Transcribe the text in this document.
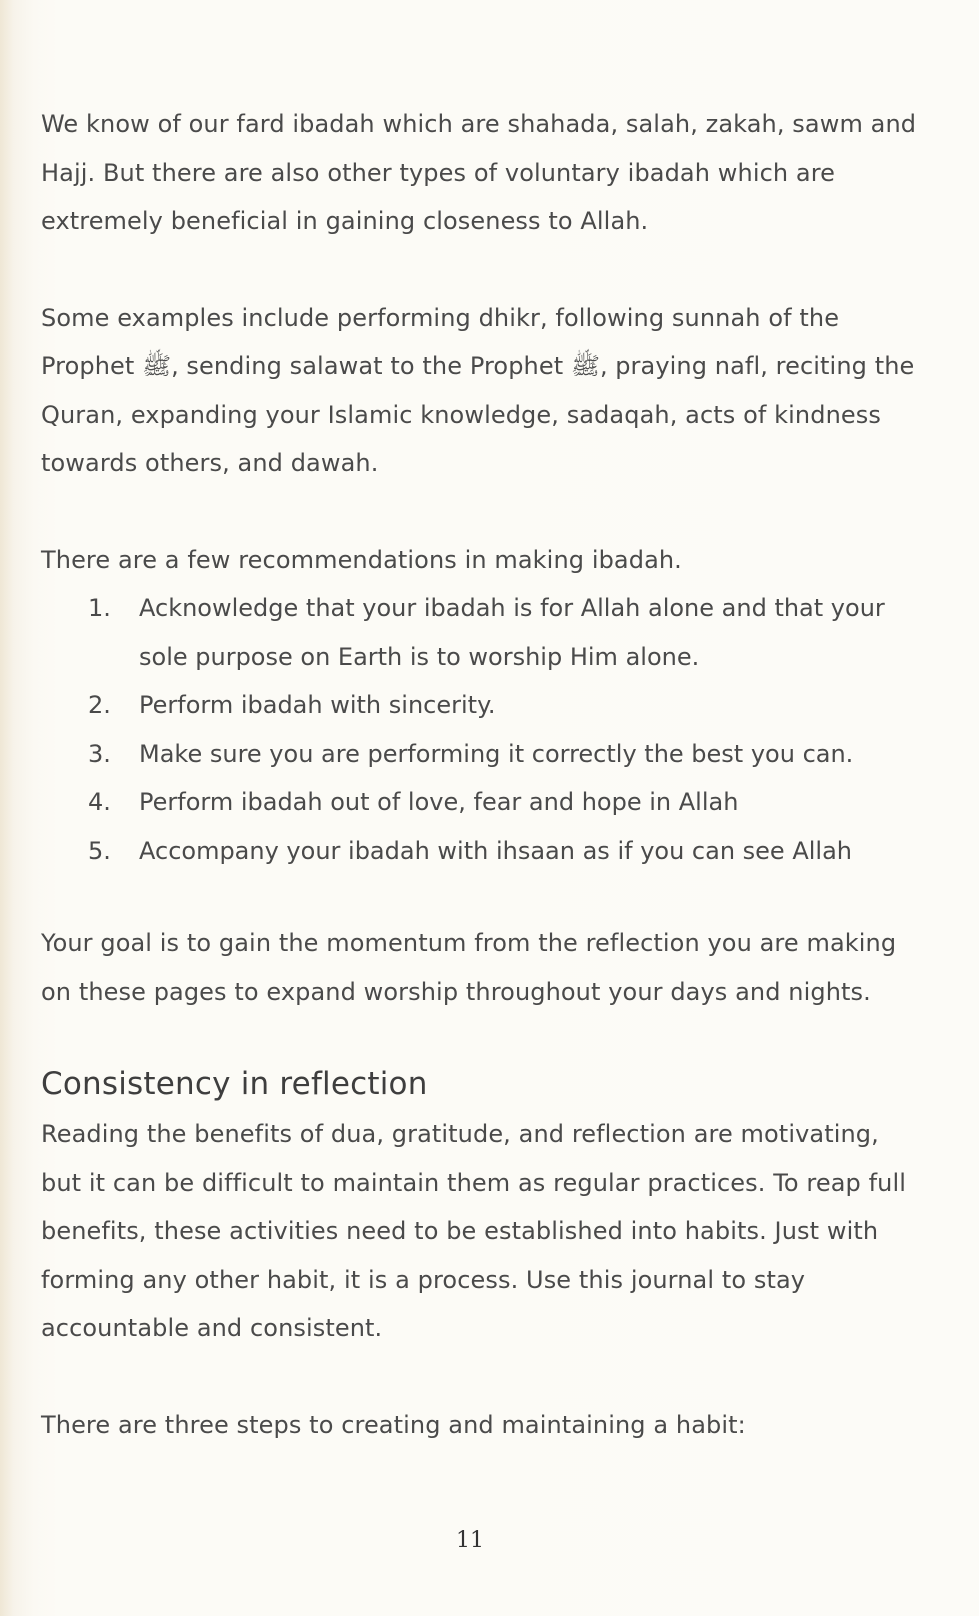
We know of our fard ibadah which are shahada, salah, zakah, sawm and Hajj. But there are also other types of voluntary ibadah which are extremely beneficial in gaining closeness to Allah.

Some examples include performing dhikr, following sunnah of the Prophet ﷺ, sending salawat to the Prophet ﷺ, praying nafl, reciting the Quran, expanding your Islamic knowledge, sadaqah, acts of kindness towards others, and dawah.

There are a few recommendations in making ibadah.

1. Acknowledge that your ibadah is for Allah alone and that your sole purpose on Earth is to worship Him alone.
2. Perform ibadah with sincerity.
3. Make sure you are performing it correctly the best you can.
4. Perform ibadah out of love, fear and hope in Allah
5. Accompany your ibadah with ihsaan as if you can see Allah

Your goal is to gain the momentum from the reflection you are making on these pages to expand worship throughout your days and nights.

Consistency in reflection

Reading the benefits of dua, gratitude, and reflection are motivating, but it can be difficult to maintain them as regular practices. To reap full benefits, these activities need to be established into habits. Just with forming any other habit, it is a process. Use this journal to stay accountable and consistent.

There are three steps to creating and maintaining a habit:

11
